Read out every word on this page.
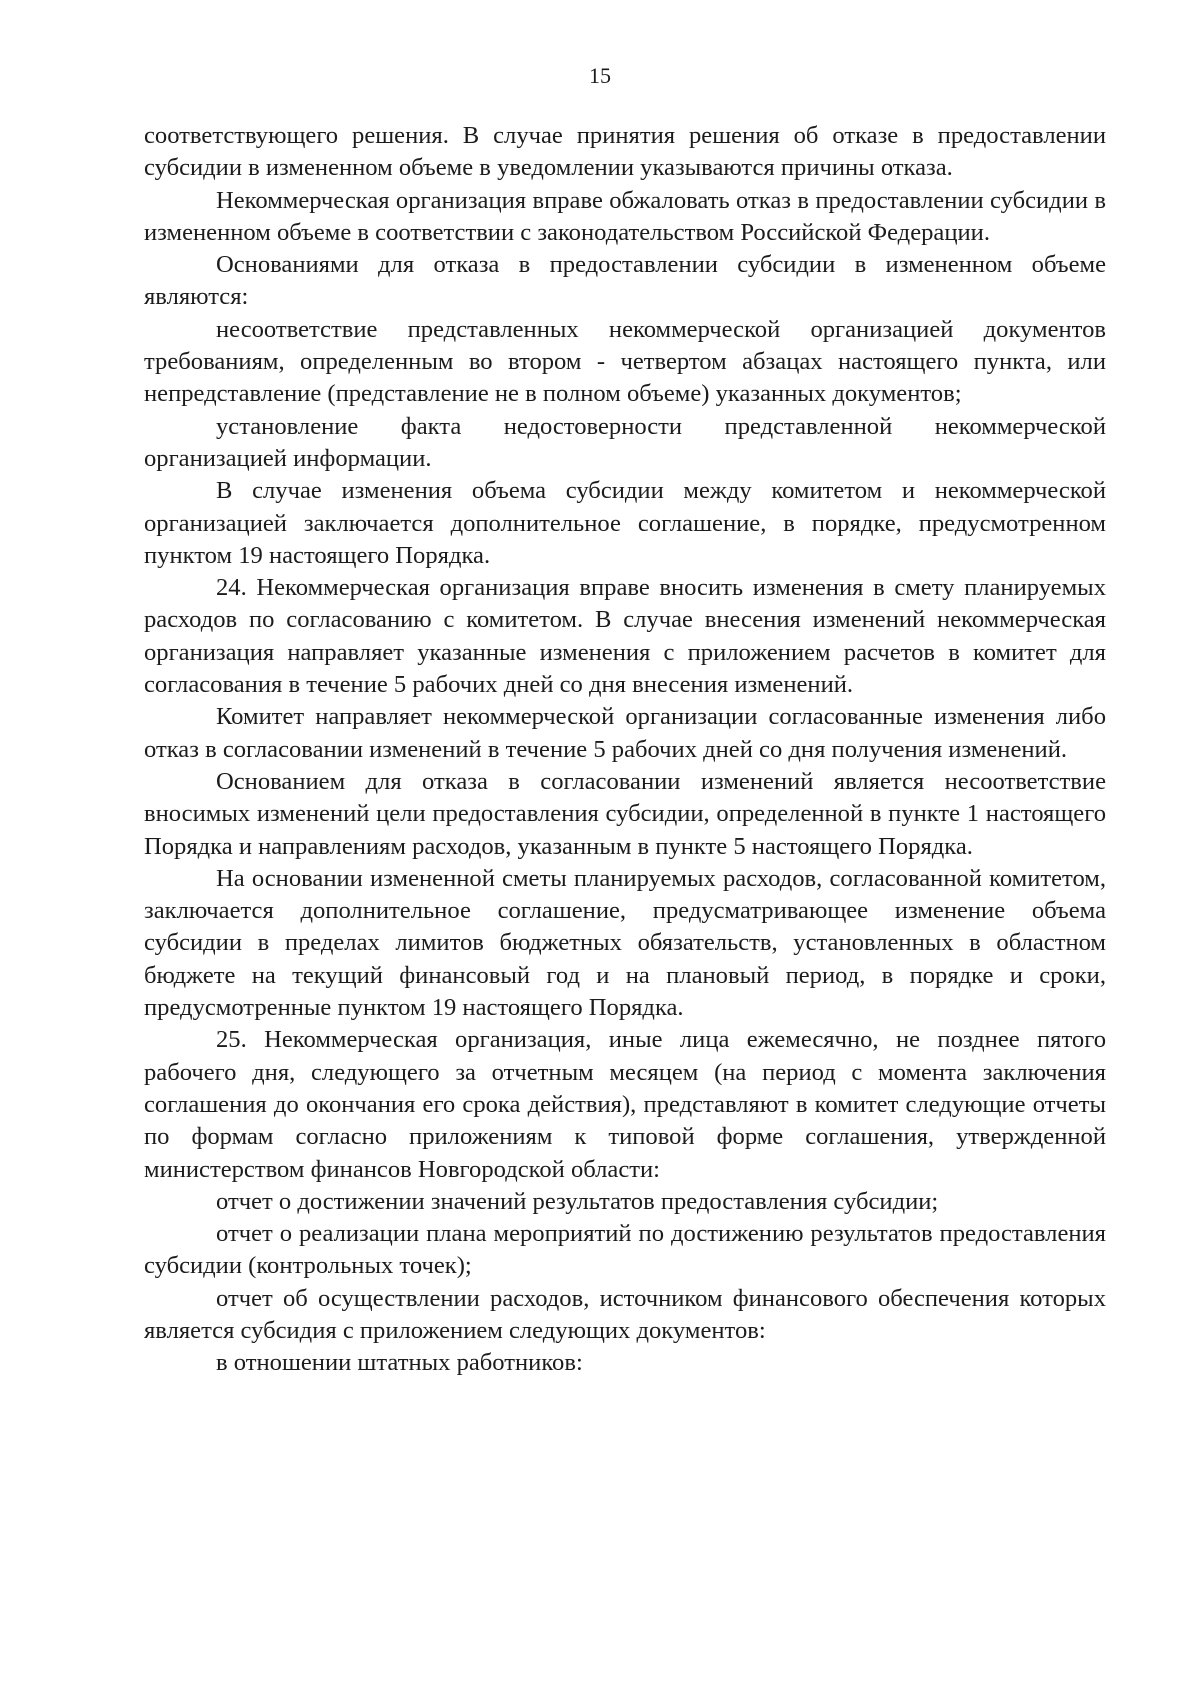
15

соответствующего решения. В случае принятия решения об отказе в предоставлении субсидии в измененном объеме в уведомлении указываются причины отказа.

Некоммерческая организация вправе обжаловать отказ в предоставлении субсидии в измененном объеме в соответствии с законодательством Российской Федерации.

Основаниями для отказа в предоставлении субсидии в измененном объеме являются:

несоответствие представленных некоммерческой организацией документов требованиям, определенным во втором - четвертом абзацах настоящего пункта, или непредставление (представление не в полном объеме) указанных документов;

установление факта недостоверности представленной некоммерческой организацией информации.

В случае изменения объема субсидии между комитетом и некоммерческой организацией заключается дополнительное соглашение, в порядке, предусмотренном пунктом 19 настоящего Порядка.

24. Некоммерческая организация вправе вносить изменения в смету планируемых расходов по согласованию с комитетом. В случае внесения изменений некоммерческая организация направляет указанные изменения с приложением расчетов в комитет для согласования в течение 5 рабочих дней со дня внесения изменений.

Комитет направляет некоммерческой организации согласованные изменения либо отказ в согласовании изменений в течение 5 рабочих дней со дня получения изменений.

Основанием для отказа в согласовании изменений является несоответствие вносимых изменений цели предоставления субсидии, определенной в пункте 1 настоящего Порядка и направлениям расходов, указанным в пункте 5 настоящего Порядка.

На основании измененной сметы планируемых расходов, согласованной комитетом, заключается дополнительное соглашение, предусматривающее изменение объема субсидии в пределах лимитов бюджетных обязательств, установленных в областном бюджете на текущий финансовый год и на плановый период, в порядке и сроки, предусмотренные пунктом 19 настоящего Порядка.

25. Некоммерческая организация, иные лица ежемесячно, не позднее пятого рабочего дня, следующего за отчетным месяцем (на период с момента заключения соглашения до окончания его срока действия), представляют в комитет следующие отчеты по формам согласно приложениям к типовой форме соглашения, утвержденной министерством финансов Новгородской области:

отчет о достижении значений результатов предоставления субсидии;

отчет о реализации плана мероприятий по достижению результатов предоставления субсидии (контрольных точек);

отчет об осуществлении расходов, источником финансового обеспечения которых является субсидия с приложением следующих документов:

в отношении штатных работников:
